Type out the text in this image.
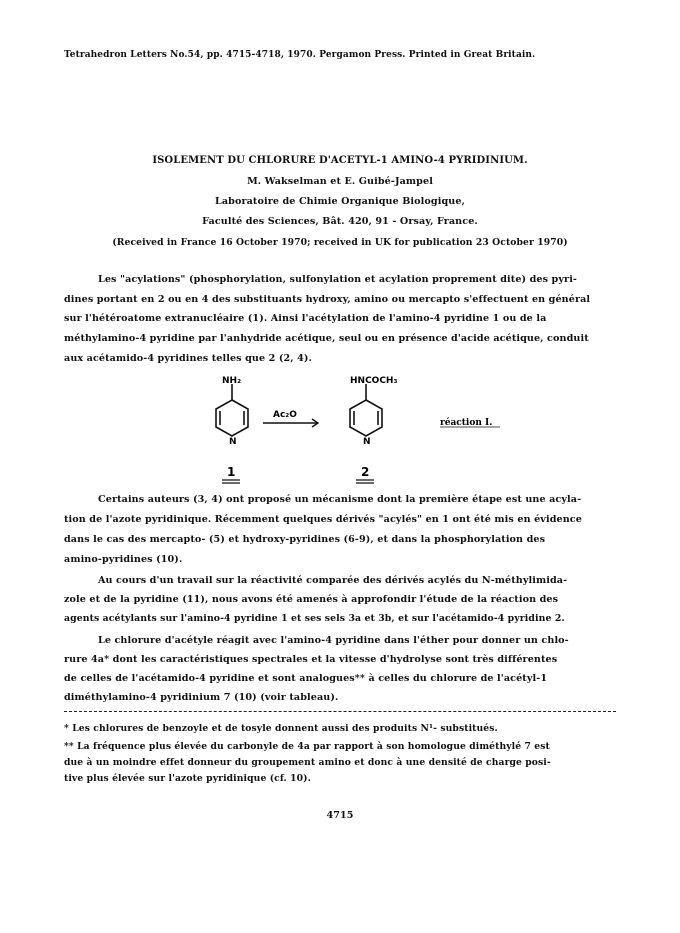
Tetrahedron Letters No.54, pp. 4715-4718, 1970. Pergamon Press. Printed in Great Britain.
ISOLEMENT DU CHLORURE D'ACETYL-1 AMINO-4 PYRIDINIUM.
M. Wakselman et E. Guibé-Jampel
Laboratoire de Chimie Organique Biologique,
Faculté des Sciences, Bât. 420, 91 - Orsay, France.
(Received in France 16 October 1970; received in UK for publication 23 October 1970)
Les "acylations" (phosphorylation, sulfonylation et acylation proprement dite) des pyri-
dines portant en 2 ou en 4 des substituants hydroxy, amino ou mercapto s'effectuent en général
sur l'hétéroatome extranucléaire (1). Ainsi l'acétylation de l'amino-4 pyridine 1 ou de la
méthylamino-4 pyridine par l'anhydride acétique, seul ou en présence d'acide acétique, conduit
aux acétamido-4 pyridines telles que 2 (2, 4).
NH₂
N
1
Ac₂O
HNCOCH₃
N
2
réaction I.
Certains auteurs (3, 4) ont proposé un mécanisme dont la première étape est une acyla-
tion de l'azote pyridinique. Récemment quelques dérivés "acylés" en 1 ont été mis en évidence
dans le cas des mercapto- (5) et hydroxy-pyridines (6-9), et dans la phosphorylation des
amino-pyridines (10).
Au cours d'un travail sur la réactivité comparée des dérivés acylés du N-méthylimida-
zole et de la pyridine (11), nous avons été amenés à approfondir l'étude de la réaction des
agents acétylants sur l'amino-4 pyridine 1 et ses sels 3a et 3b, et sur l'acétamido-4 pyridine 2.
Le chlorure d'acétyle réagit avec l'amino-4 pyridine dans l'éther pour donner un chlo-
rure 4a* dont les caractéristiques spectrales et la vitesse d'hydrolyse sont très différentes
de celles de l'acétamido-4 pyridine et sont analogues** à celles du chlorure de l'acétyl-1
diméthylamino-4 pyridinium 7 (10) (voir tableau).
* Les chlorures de benzoyle et de tosyle donnent aussi des produits N¹- substitués.
** La fréquence plus élevée du carbonyle de 4a par rapport à son homologue diméthylé 7 est
due à un moindre effet donneur du groupement amino et donc à une densité de charge posi-
tive plus élevée sur l'azote pyridinique (cf. 10).
4715
